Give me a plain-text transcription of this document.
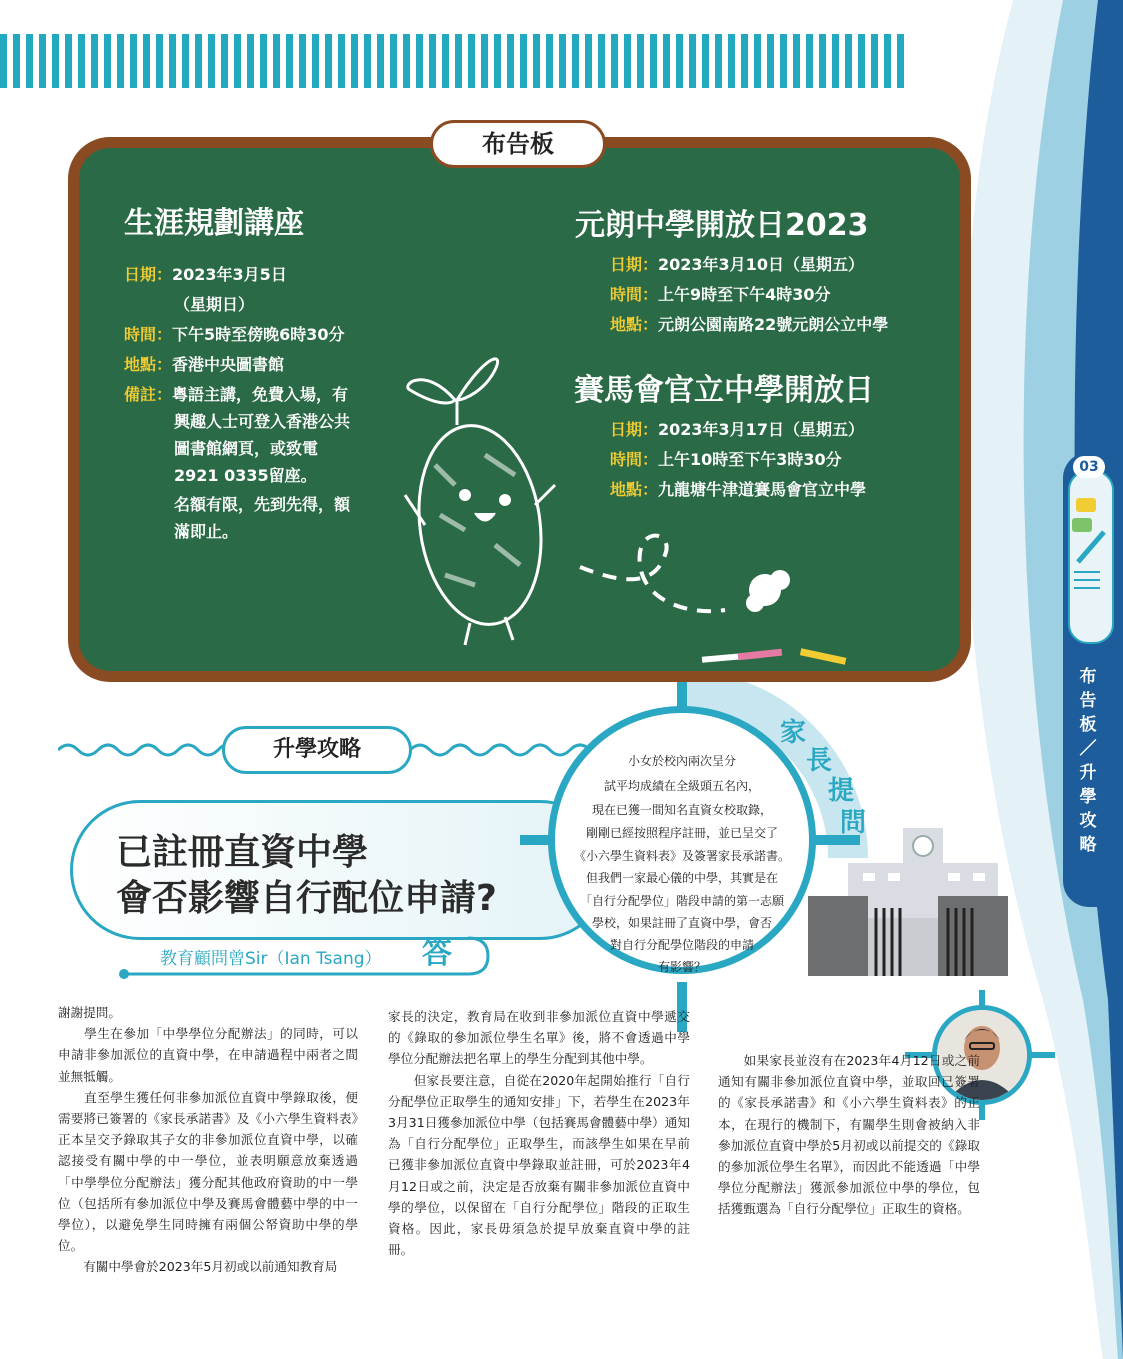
03
布告板／升學攻略
布告板
生涯規劃講座
日期：2023年3月5日
（星期日）
時間：下午5時至傍晚6時30分
地點：香港中央圖書館
備註：粵語主講，免費入場，有
興趣人士可登入香港公共
圖書館網頁，或致電
2921 0335留座。
名額有限，先到先得，額
滿即止。
元朗中學開放日2023
日期：2023年3月10日（星期五）
時間：上午9時至下午4時30分
地點：元朗公園南路22號元朗公立中學
賽馬會官立中學開放日
日期：2023年3月17日（星期五）
時間：上午10時至下午3時30分
地點：九龍塘牛津道賽馬會官立中學
升學攻略
已註冊直資中學
會否影響自行配位申請?
教育顧問曾Sir（Ian Tsang） 答
小女於校內兩次呈分
試平均成績在全級頭五名內，
現在已獲一間知名直資女校取錄，
剛剛已經按照程序註冊，並已呈交了
《小六學生資料表》及簽署家長承諾書。
但我們一家最心儀的中學，其實是在
「自行分配學位」階段申請的第一志願
學校，如果註冊了直資中學，會否
對自行分配學位階段的申請
有影響？
家
長
提
問

謝謝提問。

　　學生在參加「中學學位分配辦法」的同時，可以申請非參加派位的直資中學，在申請過程中兩者之間並無牴觸。

　　直至學生獲任何非參加派位直資中學錄取後，便需要將已簽署的《家長承諾書》及《小六學生資料表》正本呈交予錄取其子女的非參加派位直資中學，以確認接受有關中學的中一學位，並表明願意放棄透過「中學學位分配辦法」獲分配其他政府資助的中一學位（包括所有參加派位中學及賽馬會體藝中學的中一學位），以避免學生同時擁有兩個公帑資助中學的學位。

　　有關中學會於2023年5月初或以前通知教育局

家長的決定，教育局在收到非參加派位直資中學遞交的《錄取的參加派位學生名單》後，將不會透過中學學位分配辦法把名單上的學生分配到其他中學。

　　但家長要注意，自從在2020年起開始推行「自行分配學位正取學生的通知安排」下，若學生在2023年3月31日獲參加派位中學（包括賽馬會體藝中學）通知為「自行分配學位」正取學生，而該學生如果在早前已獲非參加派位直資中學錄取並註冊，可於2023年4月12日或之前，決定是否放棄有關非參加派位直資中學的學位，以保留在「自行分配學位」階段的正取生資格。因此，家長毋須急於提早放棄直資中學的註冊。

　　如果家長並沒有在2023年4月12日或之前通知有關非參加派位直資中學，並取回已簽署的《家長承諾書》和《小六學生資料表》的正本，在現行的機制下，有關學生則會被納入非參加派位直資中學於5月初或以前提交的《錄取的參加派位學生名單》，而因此不能透過「中學學位分配辦法」獲派參加派位中學的學位，包括獲甄選為「自行分配學位」正取生的資格。
